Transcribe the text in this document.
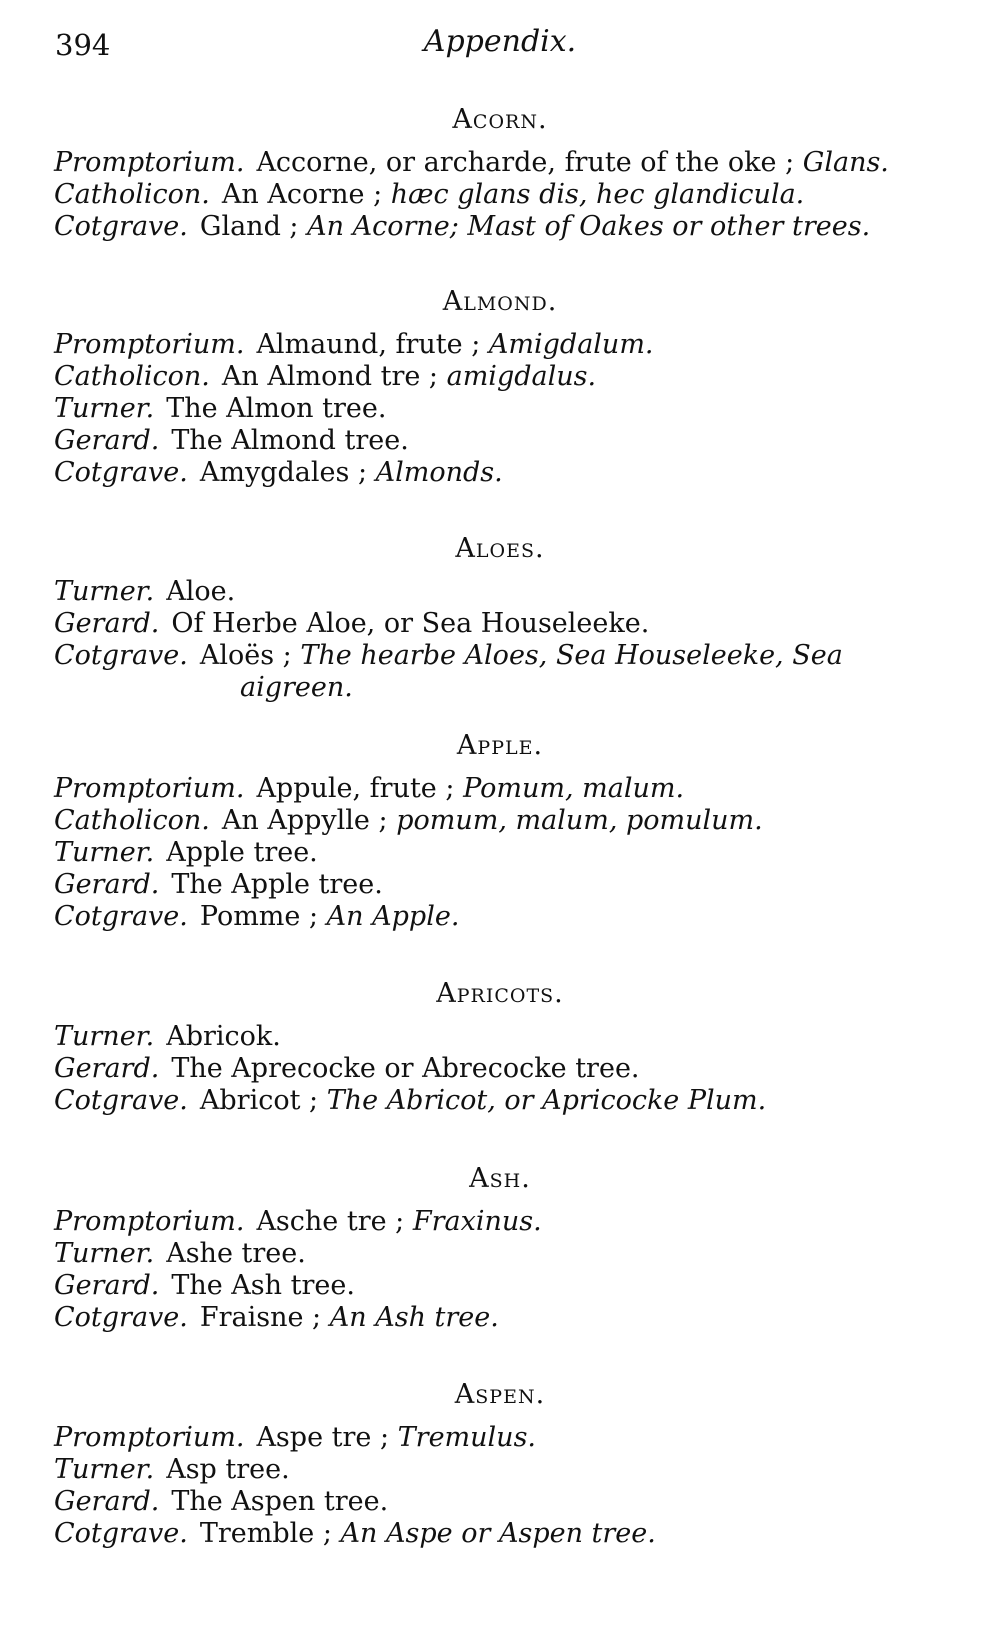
394	Appendix.
Acorn.
Promptorium. Accorne, or archarde, frute of the oke ; Glans.
Catholicon. An Acorne ; hæc glans dis, hec glandicula.
Cotgrave. Gland ; An Acorne; Mast of Oakes or other trees.
Almond.
Promptorium. Almaund, frute ; Amigdalum.
Catholicon. An Almond tre ; amigdalus.
Turner. The Almon tree.
Gerard. The Almond tree.
Cotgrave. Amygdales ; Almonds.
Aloes.
Turner. Aloe.
Gerard. Of Herbe Aloe, or Sea Houseleeke.
Cotgrave. Aloës ; The hearbe Aloes, Sea Houseleeke, Sea
aigreen.
Apple.
Promptorium. Appule, frute ; Pomum, malum.
Catholicon. An Appylle ; pomum, malum, pomulum.
Turner. Apple tree.
Gerard. The Apple tree.
Cotgrave. Pomme ; An Apple.
Apricots.
Turner. Abricok.
Gerard. The Aprecocke or Abrecocke tree.
Cotgrave. Abricot ; The Abricot, or Apricocke Plum.
Ash.
Promptorium. Asche tre ; Fraxinus.
Turner. Ashe tree.
Gerard. The Ash tree.
Cotgrave. Fraisne ; An Ash tree.
Aspen.
Promptorium. Aspe tre ; Tremulus.
Turner. Asp tree.
Gerard. The Aspen tree.
Cotgrave. Tremble ; An Aspe or Aspen tree.
